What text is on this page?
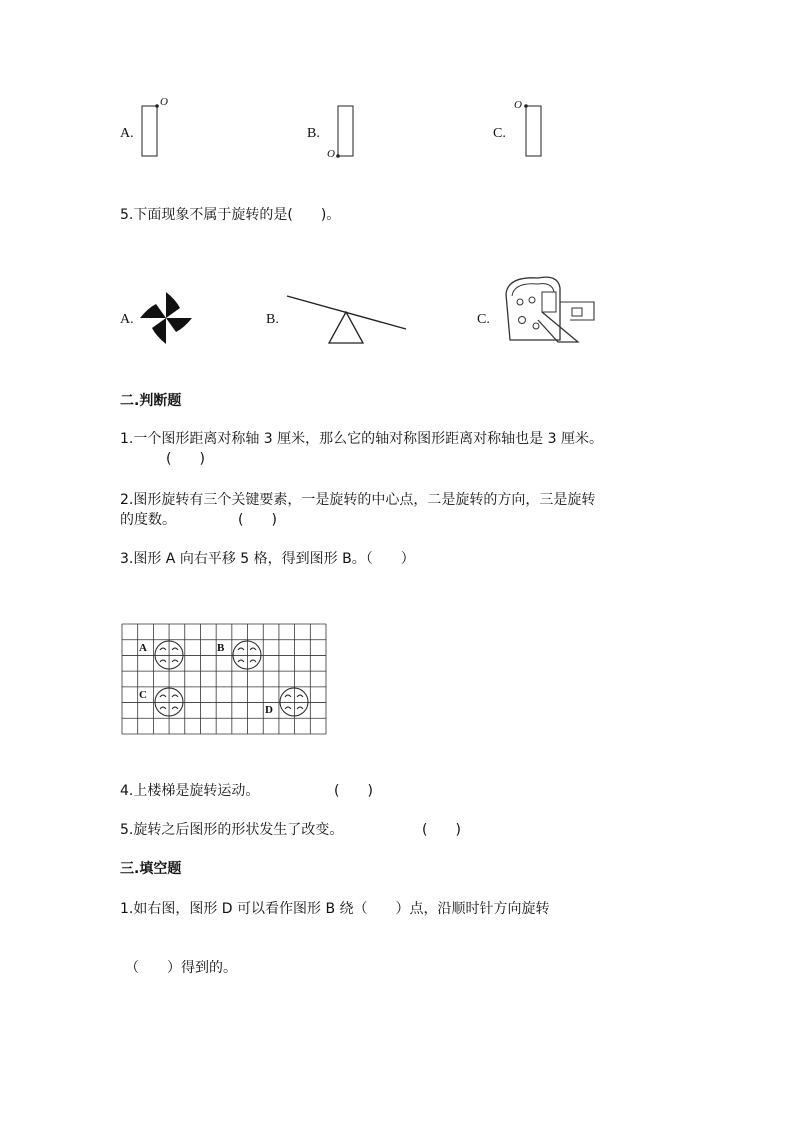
A.
O
B.
O
C.
O
5.下面现象不属于旋转的是(　　)。
A.	B.	C.
二.判断题
1.一个图形距离对称轴 3 厘米，那么它的轴对称图形距离对称轴也是 3 厘米。
(　　)
2.图形旋转有三个关键要素，一是旋转的中心点，二是旋转的方向，三是旋转
的度数。	(　　)
3.图形 A 向右平移 5 格，得到图形 B。（　　）
A	B
C
D
4.上楼梯是旋转运动。	(　　)
5.旋转之后图形的形状发生了改变。	(　　)
三.填空题
1.如右图，图形 D 可以看作图形 B 绕（　　）点，沿顺时针方向旋转
（　　）得到的。
